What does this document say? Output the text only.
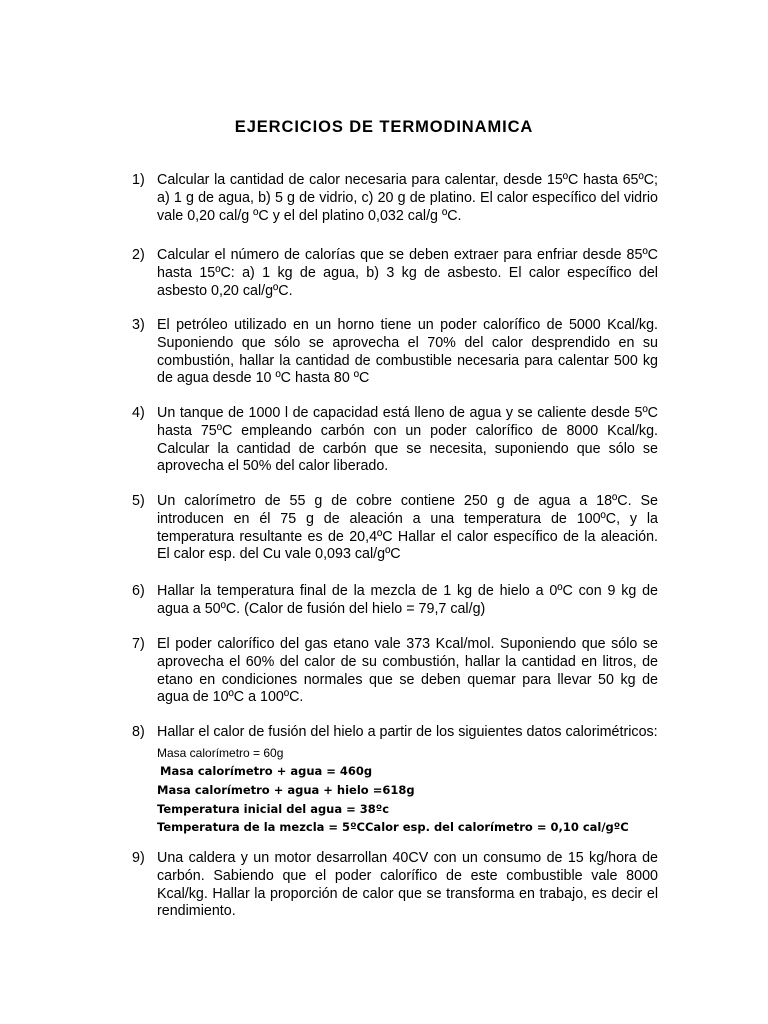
EJERCICIOS DE TERMODINAMICA
1) Calcular la cantidad de calor necesaria para calentar, desde 15ºC hasta 65ºC; a) 1 g de agua, b) 5 g de vidrio, c) 20 g de platino. El calor específico del vidrio vale 0,20 cal/g ºC y el del platino 0,032 cal/g ºC.
2) Calcular el número de calorías que se deben extraer para enfriar desde 85ºC hasta 15ºC: a) 1 kg de agua, b) 3 kg de asbesto. El calor específico del asbesto 0,20 cal/gºC.
3) El petróleo utilizado en un horno tiene un poder calorífico de 5000 Kcal/kg. Suponiendo que sólo se aprovecha el 70% del calor desprendido en su combustión, hallar la cantidad de combustible necesaria para calentar 500 kg de agua desde 10 ºC hasta 80 ºC
4) Un tanque de 1000 l de capacidad está lleno de agua y se caliente desde 5ºC hasta 75ºC empleando carbón con un poder calorífico de 8000 Kcal/kg. Calcular la cantidad de carbón que se necesita, suponiendo que sólo se aprovecha el 50% del calor liberado.
5) Un calorímetro de 55 g de cobre contiene 250 g de agua a 18ºC. Se introducen en él 75 g de aleación a una temperatura de 100ºC, y la temperatura resultante es de 20,4ºC Hallar el calor específico de la aleación. El calor esp. del Cu vale 0,093 cal/gºC
6) Hallar la temperatura final de la mezcla de 1 kg de hielo a 0ºC con 9 kg de agua a 50ºC. (Calor de fusión del hielo = 79,7 cal/g)
7) El poder calorífico del gas etano vale 373 Kcal/mol. Suponiendo que sólo se aprovecha el 60% del calor de su combustión, hallar la cantidad en litros, de etano en condiciones normales que se deben quemar para llevar 50 kg de agua de 10ºC a 100ºC.
8) Hallar el calor de fusión del hielo a partir de los siguientes datos calorimétricos:
Masa calorímetro = 60g
Masa calorímetro + agua = 460g
Masa calorímetro + agua + hielo =618g
Temperatura inicial del agua = 38ºc
Temperatura de la mezcla = 5ºCCalor esp. del calorímetro = 0,10 cal/gºC
9) Una caldera y un motor desarrollan 40CV con un consumo de 15 kg/hora de carbón. Sabiendo que el poder calorífico de este combustible vale 8000 Kcal/kg. Hallar la proporción de calor que se transforma en trabajo, es decir el rendimiento.
